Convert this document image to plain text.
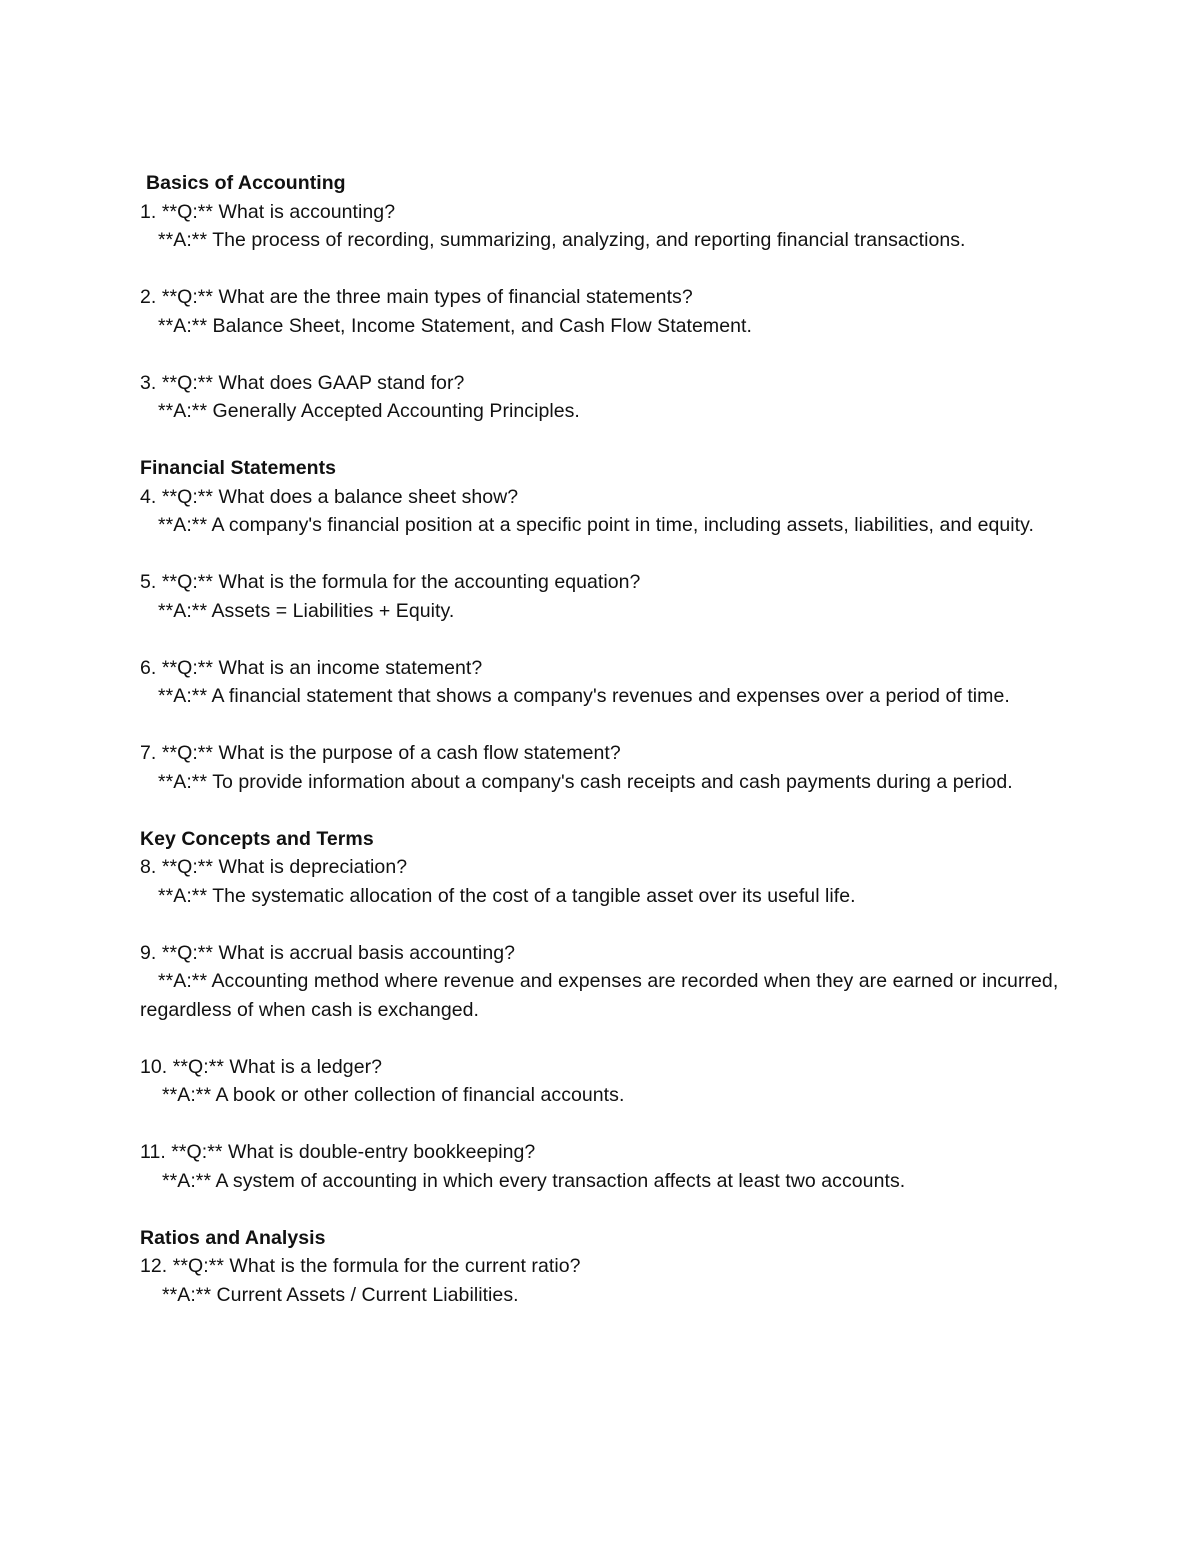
Basics of Accounting

1. **Q:** What is accounting?

**A:** The process of recording, summarizing, analyzing, and reporting financial transactions.

2. **Q:** What are the three main types of financial statements?

**A:** Balance Sheet, Income Statement, and Cash Flow Statement.

3. **Q:** What does GAAP stand for?

**A:** Generally Accepted Accounting Principles.

Financial Statements

4. **Q:** What does a balance sheet show?

**A:** A company's financial position at a specific point in time, including assets, liabilities, and equity.

5. **Q:** What is the formula for the accounting equation?

**A:** Assets = Liabilities + Equity.

6. **Q:** What is an income statement?

**A:** A financial statement that shows a company's revenues and expenses over a period of time.

7. **Q:** What is the purpose of a cash flow statement?

**A:** To provide information about a company's cash receipts and cash payments during a period.

Key Concepts and Terms

8. **Q:** What is depreciation?

**A:** The systematic allocation of the cost of a tangible asset over its useful life.

9. **Q:** What is accrual basis accounting?

**A:** Accounting method where revenue and expenses are recorded when they are earned or incurred, regardless of when cash is exchanged.

10. **Q:** What is a ledger?

**A:** A book or other collection of financial accounts.

11. **Q:** What is double-entry bookkeeping?

**A:** A system of accounting in which every transaction affects at least two accounts.

Ratios and Analysis

12. **Q:** What is the formula for the current ratio?

**A:** Current Assets / Current Liabilities.
